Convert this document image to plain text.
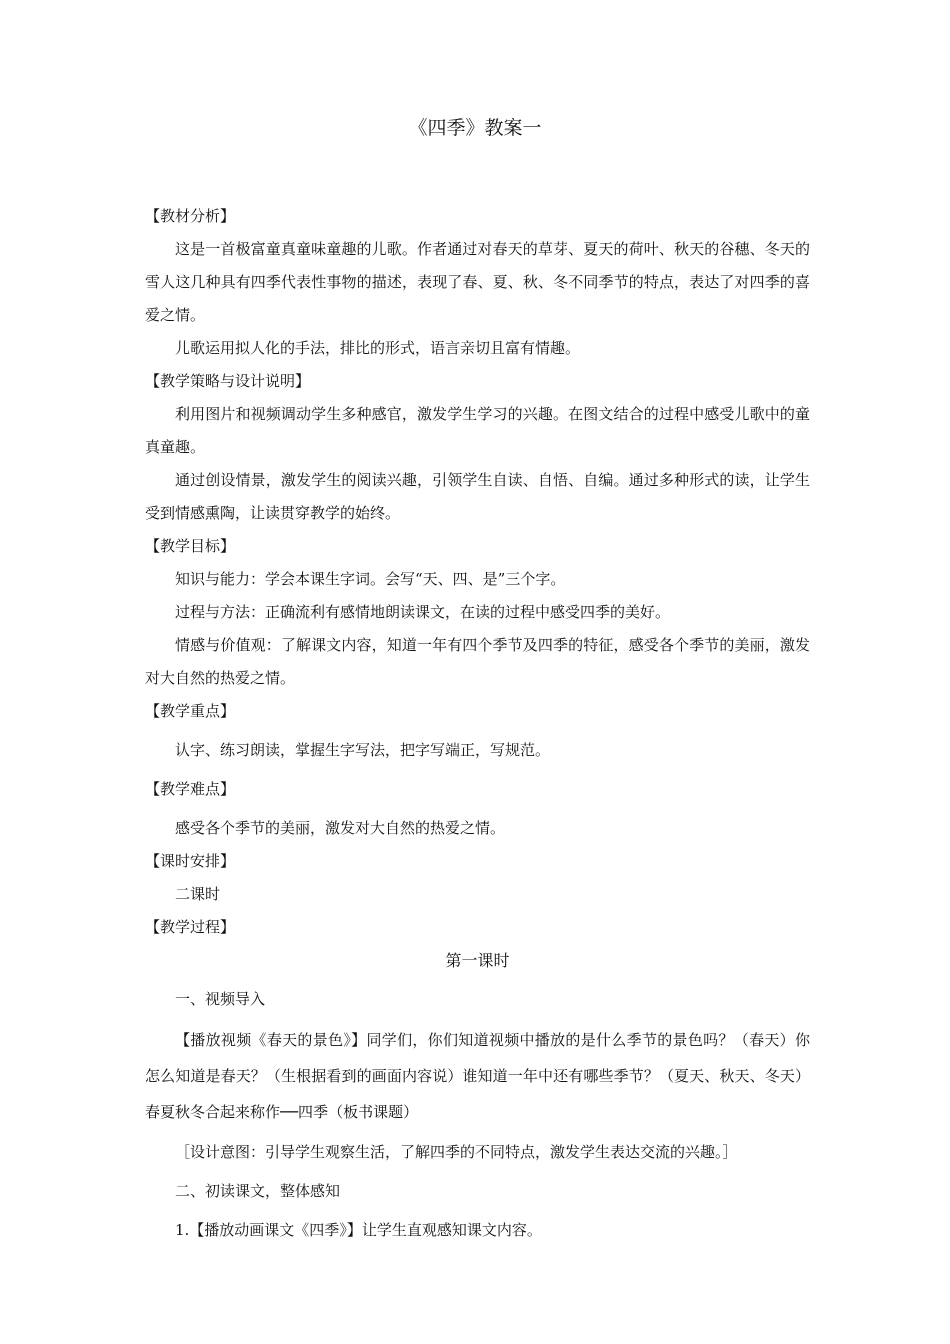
《四季》教案一

【教材分析】

这是一首极富童真童味童趣的儿歌。作者通过对春天的草芽、夏天的荷叶、秋天的谷穗、冬天的雪人这几种具有四季代表性事物的描述，表现了春、夏、秋、冬不同季节的特点，表达了对四季的喜爱之情。

儿歌运用拟人化的手法，排比的形式，语言亲切且富有情趣。

【教学策略与设计说明】

利用图片和视频调动学生多种感官，激发学生学习的兴趣。在图文结合的过程中感受儿歌中的童真童趣。

通过创设情景，激发学生的阅读兴趣，引领学生自读、自悟、自编。通过多种形式的读，让学生受到情感熏陶，让读贯穿教学的始终。

【教学目标】

知识与能力：学会本课生字词。会写“天、四、是”三个字。

过程与方法：正确流利有感情地朗读课文，在读的过程中感受四季的美好。

情感与价值观：了解课文内容，知道一年有四个季节及四季的特征，感受各个季节的美丽，激发对大自然的热爱之情。

【教学重点】

认字、练习朗读，掌握生字写法，把字写端正，写规范。

【教学难点】

感受各个季节的美丽，激发对大自然的热爱之情。

【课时安排】

二课时

【教学过程】

第一课时

一、视频导入

【播放视频《春天的景色》】同学们，你们知道视频中播放的是什么季节的景色吗？（春天）你怎么知道是春天？（生根据看到的画面内容说）谁知道一年中还有哪些季节？（夏天、秋天、冬天）春夏秋冬合起来称作──四季（板书课题）

［设计意图：引导学生观察生活，了解四季的不同特点，激发学生表达交流的兴趣。］

二、初读课文，整体感知

1.【播放动画课文《四季》】让学生直观感知课文内容。
